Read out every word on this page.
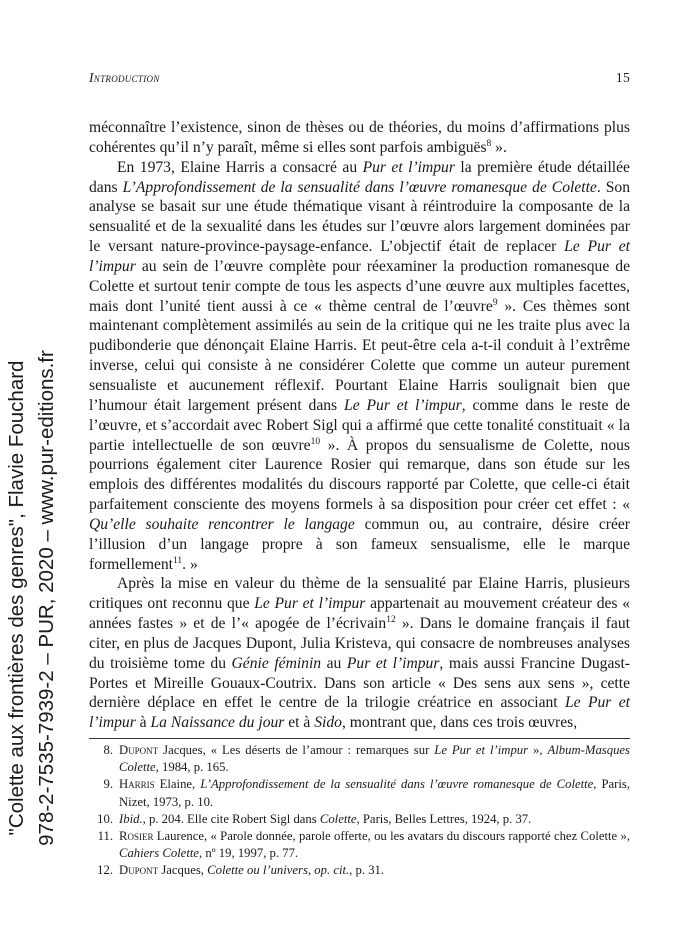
Introduction	15

méconnaître l’existence, sinon de thèses ou de théories, du moins d’affirmations plus cohérentes qu’il n’y paraît, même si elles sont parfois ambiguës$^8$ ».

En 1973, Elaine Harris a consacré au Pur et l’impur la première étude détaillée dans L’Approfondissement de la sensualité dans l’œuvre romanesque de Colette. Son analyse se basait sur une étude thématique visant à réintroduire la composante de la sensualité et de la sexualité dans les études sur l’œuvre alors largement dominées par le versant nature-province-paysage-enfance. L’objectif était de replacer Le Pur et l’impur au sein de l’œuvre complète pour réexaminer la production romanesque de Colette et surtout tenir compte de tous les aspects d’une œuvre aux multiples facettes, mais dont l’unité tient aussi à ce « thème central de l’œuvre$^9$ ». Ces thèmes sont maintenant complètement assimilés au sein de la critique qui ne les traite plus avec la pudibonderie que dénonçait Elaine Harris. Et peut-être cela a-t-il conduit à l’extrême inverse, celui qui consiste à ne considérer Colette que comme un auteur purement sensualiste et aucunement réflexif. Pourtant Elaine Harris soulignait bien que l’humour était largement présent dans Le Pur et l’impur, comme dans le reste de l’œuvre, et s’accordait avec Robert Sigl qui a affirmé que cette tonalité constituait « la partie intellectuelle de son œuvre$^{10}$ ». À propos du sensualisme de Colette, nous pourrions également citer Laurence Rosier qui remarque, dans son étude sur les emplois des différentes modalités du discours rapporté par Colette, que celle-ci était parfaitement consciente des moyens formels à sa disposition pour créer cet effet : « Qu’elle souhaite rencontrer le langage commun ou, au contraire, désire créer l’illusion d’un langage propre à son fameux sensualisme, elle le marque formellement$^{11}$. »

Après la mise en valeur du thème de la sensualité par Elaine Harris, plusieurs critiques ont reconnu que Le Pur et l’impur appartenait au mouvement créateur des « années fastes » et de l’« apogée de l’écrivain$^{12}$ ». Dans le domaine français il faut citer, en plus de Jacques Dupont, Julia Kristeva, qui consacre de nombreuses analyses du troisième tome du Génie féminin au Pur et l’impur, mais aussi Francine Dugast-Portes et Mireille Gouaux-Coutrix. Dans son article « Des sens aux sens », cette dernière déplace en effet le centre de la trilogie créatrice en associant Le Pur et l’impur à La Naissance du jour et à Sido, montrant que, dans ces trois œuvres,

8. Dupont Jacques, « Les déserts de l’amour : remarques sur Le Pur et l’impur », Album-Masques Colette, 1984, p. 165.
9. Harris Elaine, L’Approfondissement de la sensualité dans l’œuvre romanesque de Colette, Paris, Nizet, 1973, p. 10.
10. Ibid., p. 204. Elle cite Robert Sigl dans Colette, Paris, Belles Lettres, 1924, p. 37.
11. Rosier Laurence, « Parole donnée, parole offerte, ou les avatars du discours rapporté chez Colette », Cahiers Colette, nº 19, 1997, p. 77.
12. Dupont Jacques, Colette ou l’univers, op. cit., p. 31.
"Colette aux frontières des genres", Flavie Fouchard 978-2-7535-7939-2 – PUR, 2020 – www.pur-editions.fr
